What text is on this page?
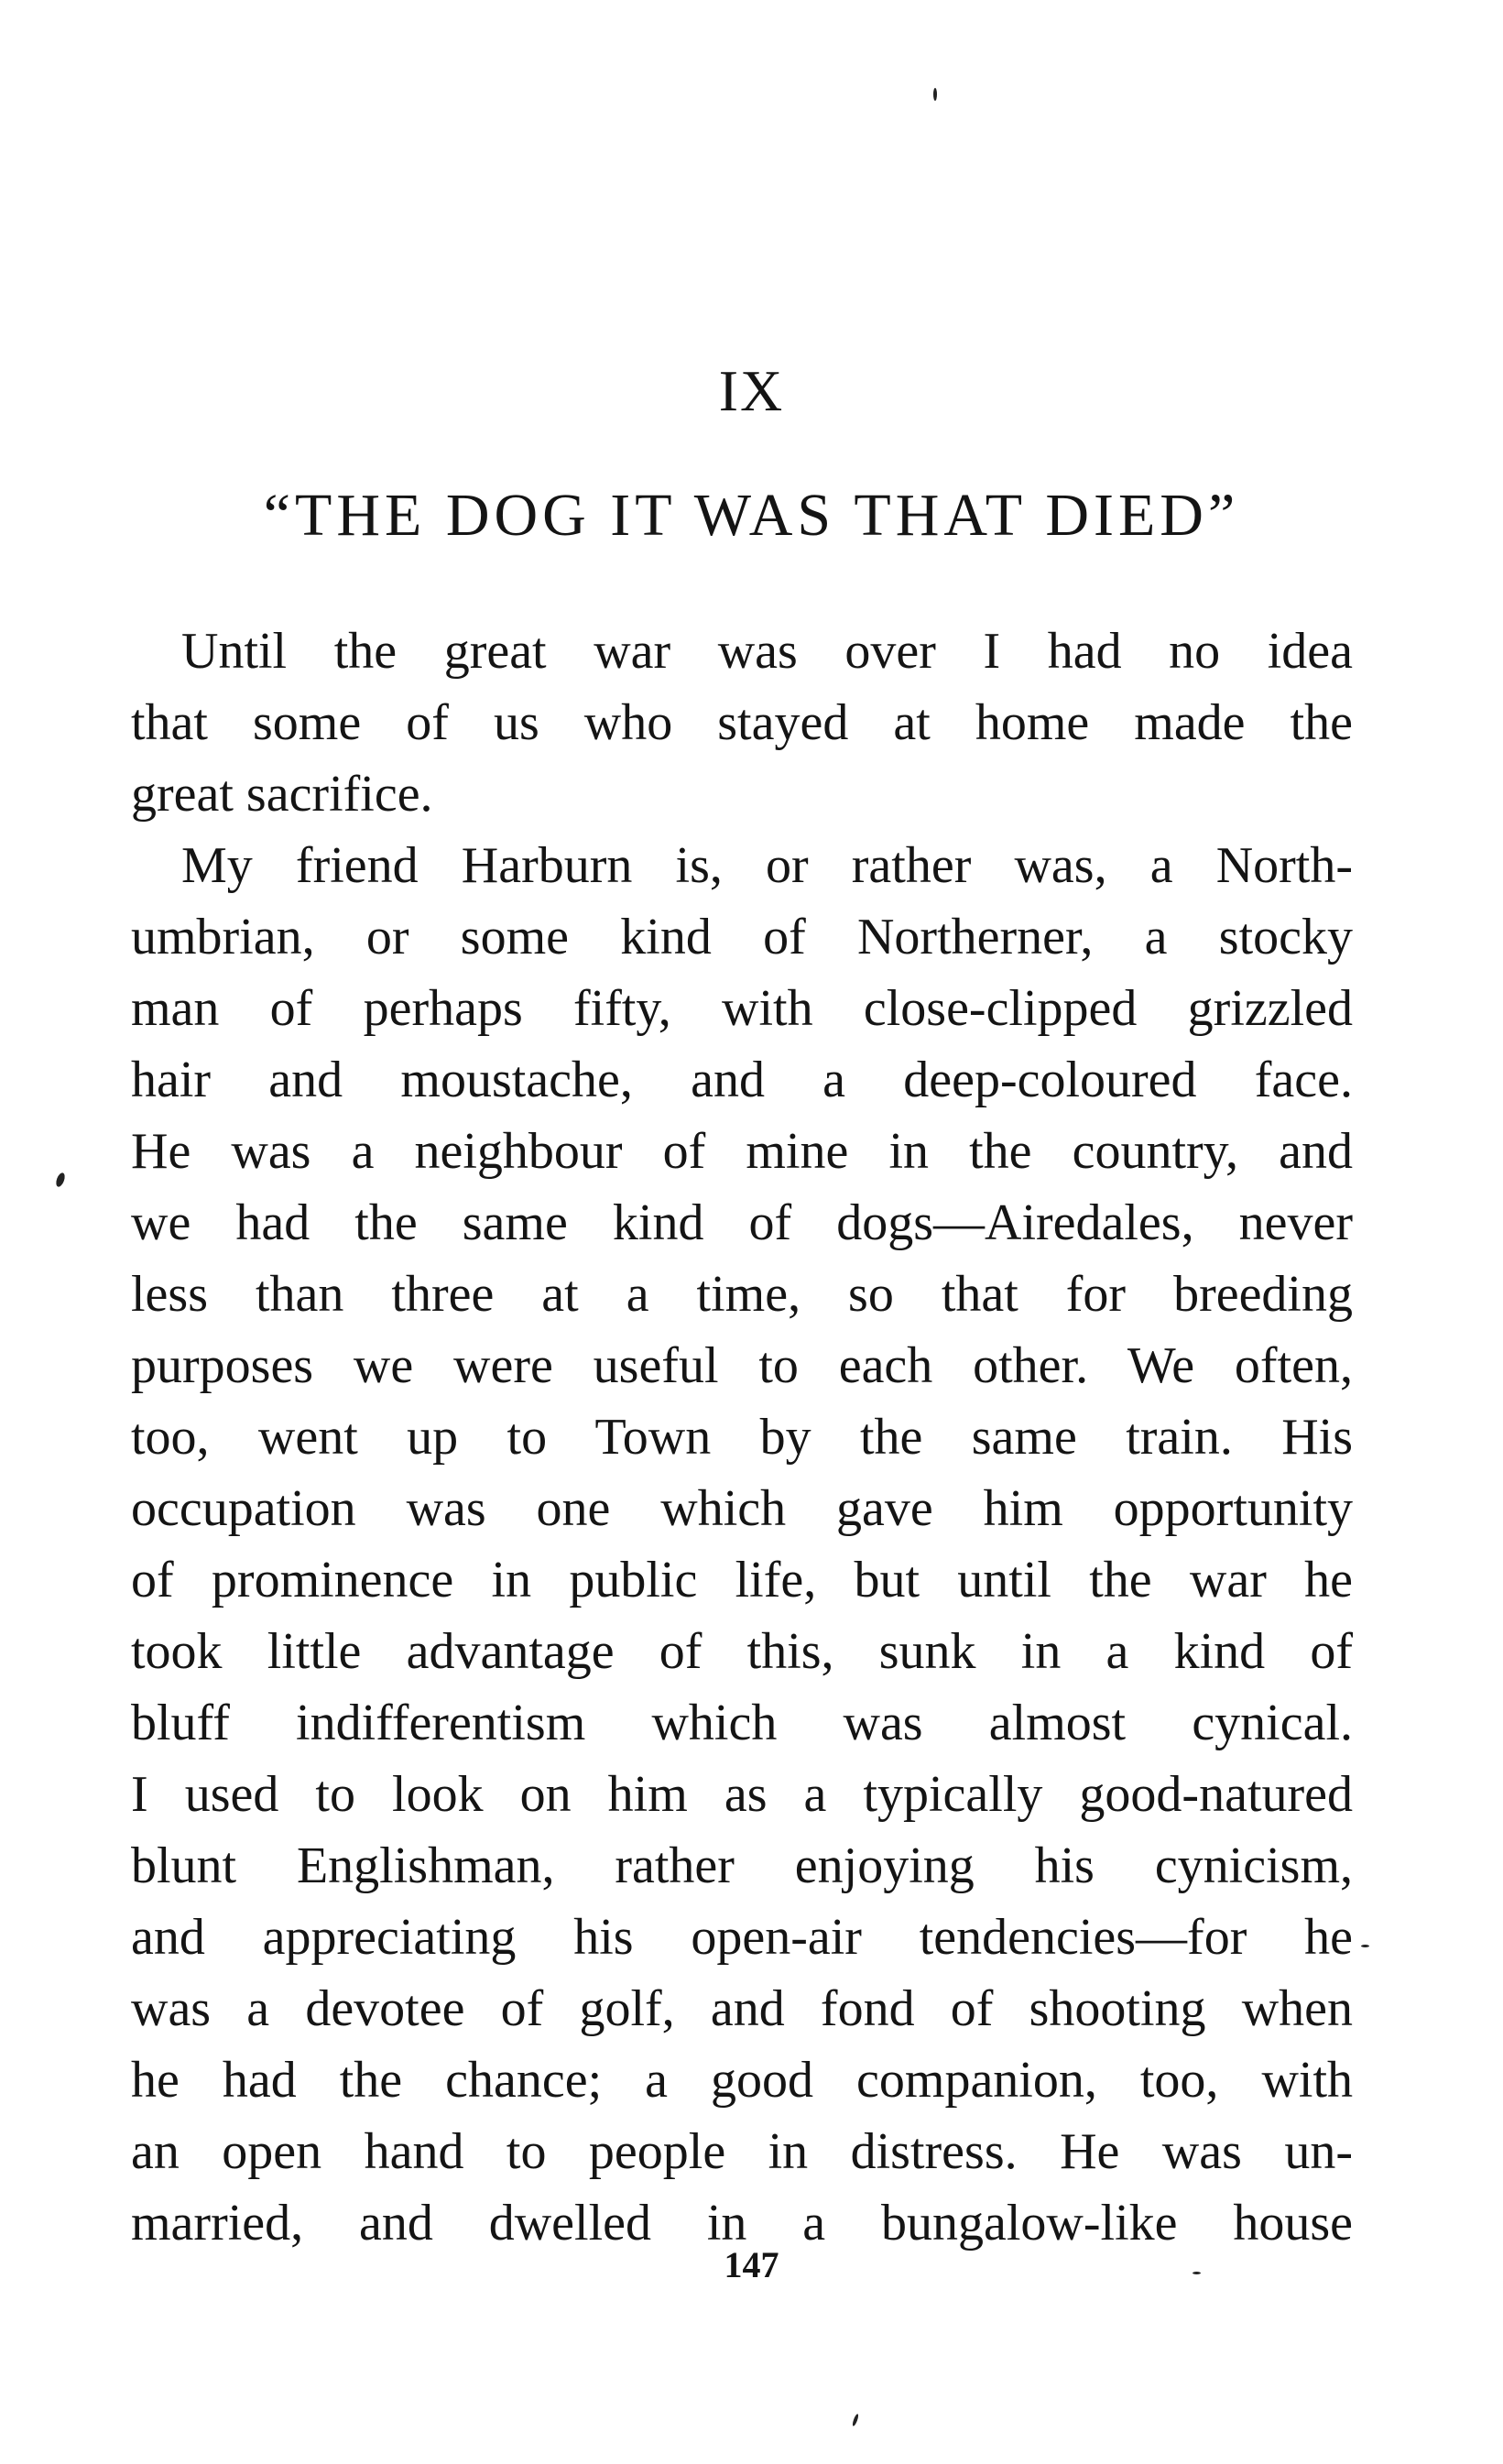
IX
“THE DOG IT WAS THAT DIED”
Until the great war was over I had no idea
that some of us who stayed at home made the
great sacrifice.
My friend Harburn is, or rather was, a North-
umbrian, or some kind of Northerner, a stocky
man of perhaps fifty, with close-clipped grizzled
hair and moustache, and a deep-coloured face.
He was a neighbour of mine in the country, and
we had the same kind of dogs—Airedales, never
less than three at a time, so that for breeding
purposes we were useful to each other. We often,
too, went up to Town by the same train. His
occupation was one which gave him opportunity
of prominence in public life, but until the war he
took little advantage of this, sunk in a kind of
bluff indifferentism which was almost cynical.
I used to look on him as a typically good-natured
blunt Englishman, rather enjoying his cynicism,
and appreciating his open-air tendencies—for he
was a devotee of golf, and fond of shooting when
he had the chance; a good companion, too, with
an open hand to people in distress. He was un-
married, and dwelled in a bungalow-like house
147
